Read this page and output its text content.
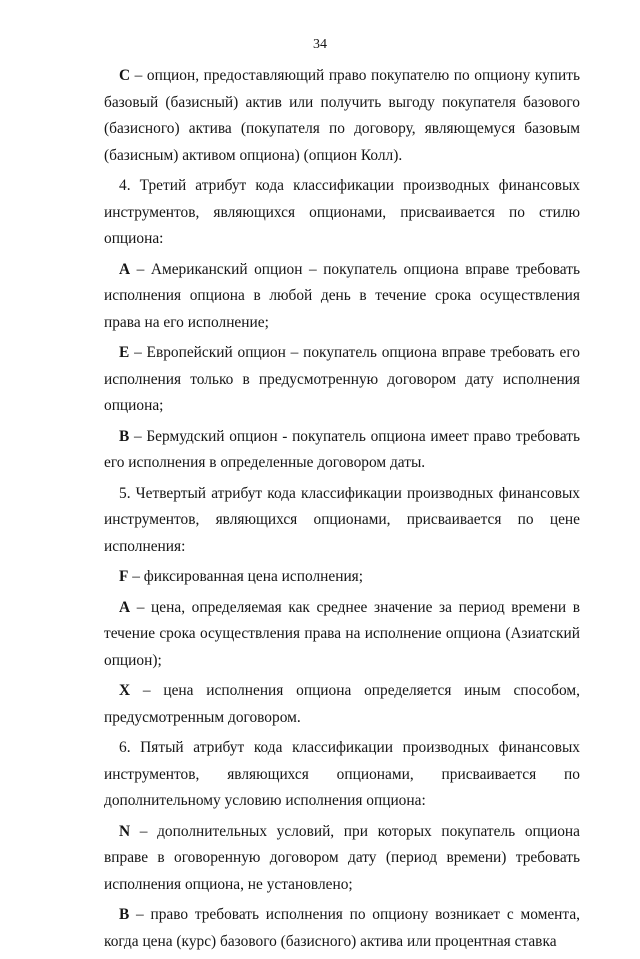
34

C – опцион, предоставляющий право покупателю по опциону купить базовый (базисный) актив или получить выгоду покупателя базового (базисного) актива (покупателя по договору, являющемуся базовым (базисным) активом опциона) (опцион Колл).

4. Третий атрибут кода классификации производных финансовых инструментов, являющихся опционами, присваивается по стилю опциона:

А – Американский опцион – покупатель опциона вправе требовать исполнения опциона в любой день в течение срока осуществления права на его исполнение;

Е – Европейский опцион – покупатель опциона вправе требовать его исполнения только в предусмотренную договором дату исполнения опциона;

В – Бермудский опцион - покупатель опциона имеет право требовать его исполнения в определенные договором даты.

5. Четвертый атрибут кода классификации производных финансовых инструментов, являющихся опционами, присваивается по цене исполнения:

F – фиксированная цена исполнения;

А – цена, определяемая как среднее значение за период времени в течение срока осуществления права на исполнение опциона (Азиатский опцион);

X – цена исполнения опциона определяется иным способом, предусмотренным договором.

6. Пятый атрибут кода классификации производных финансовых инструментов, являющихся опционами, присваивается по дополнительному условию исполнения опциона:

N – дополнительных условий, при которых покупатель опциона вправе в оговоренную договором дату (период времени) требовать исполнения опциона, не установлено;

В – право требовать исполнения по опциону возникает с момента, когда цена (курс) базового (базисного) актива или процентная ставка
